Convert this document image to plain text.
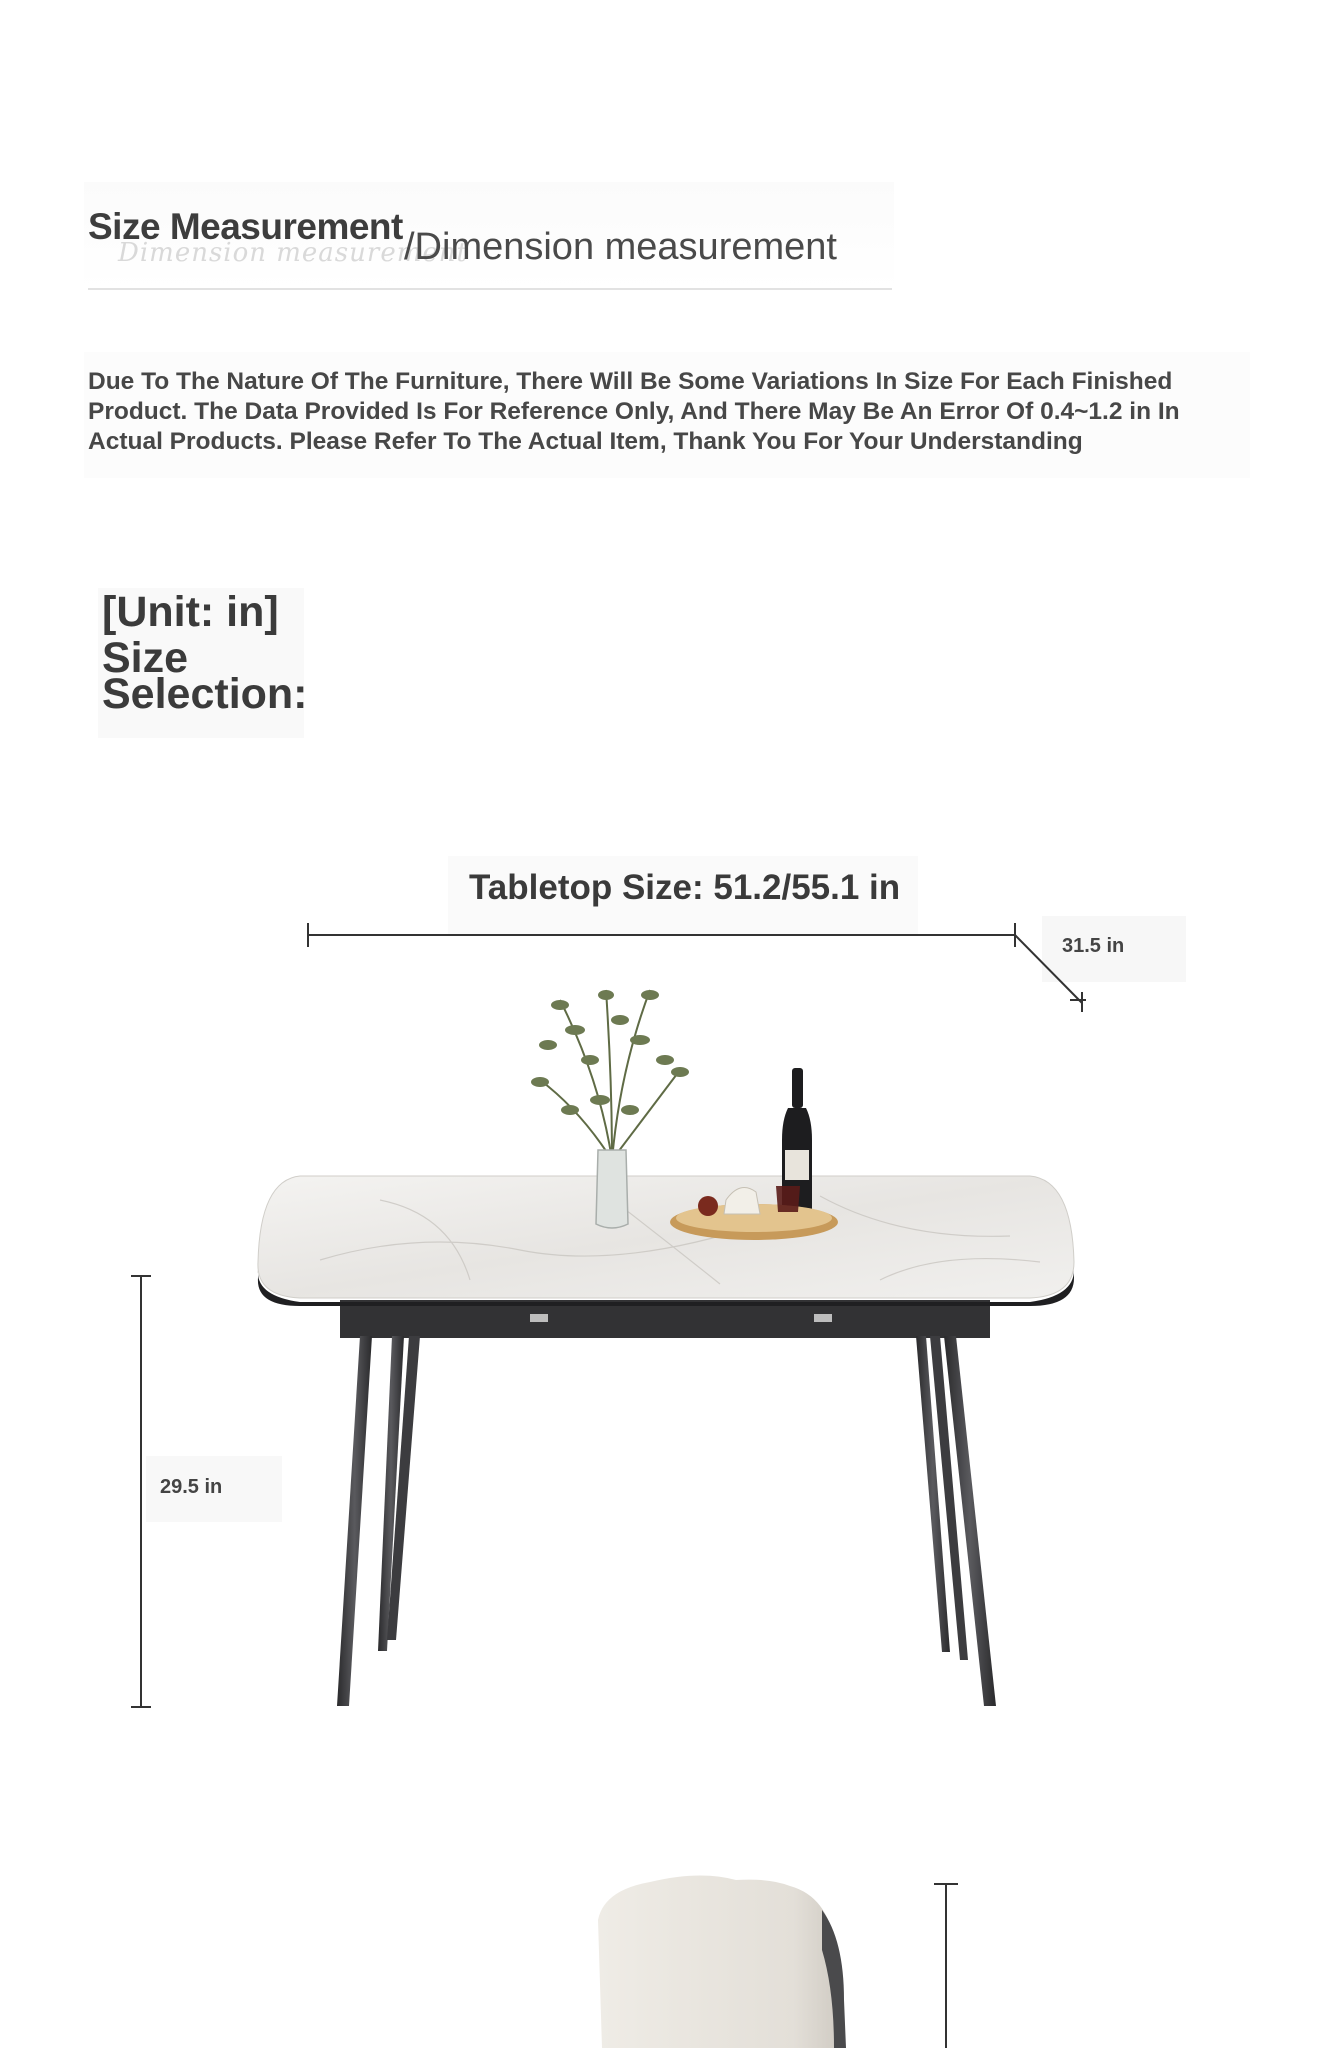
Dimension measurement
Size Measurement /Dimension measurement
Due To The Nature Of The Furniture, There Will Be Some Variations In Size For Each Finished Product. The Data Provided Is For Reference Only, And There May Be An Error Of 0.4~1.2 in In Actual Products. Please Refer To The Actual Item, Thank You For Your Understanding
[Unit: in]
Size Selection:
Tabletop Size: 51.2/55.1 in
31.5 in
29.5 in
